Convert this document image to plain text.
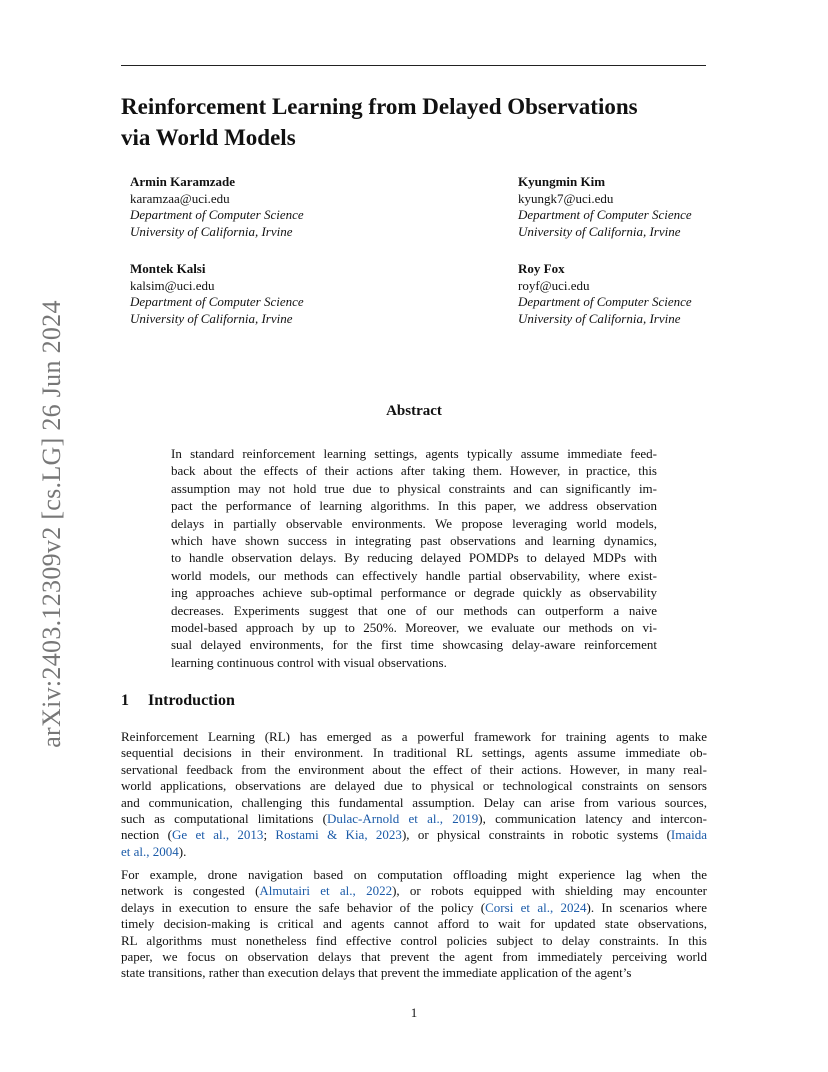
Reinforcement Learning from Delayed Observations
via World Models
arXiv:2403.12309v2 [cs.LG] 26 Jun 2024
Armin Karamzade
karamzaa@uci.edu
Department of Computer Science
University of California, Irvine
Kyungmin Kim
kyungk7@uci.edu
Department of Computer Science
University of California, Irvine
Montek Kalsi
kalsim@uci.edu
Department of Computer Science
University of California, Irvine
Roy Fox
royf@uci.edu
Department of Computer Science
University of California, Irvine
Abstract
In standard reinforcement learning settings, agents typically assume immediate feed-
back about the effects of their actions after taking them. However, in practice, this
assumption may not hold true due to physical constraints and can significantly im-
pact the performance of learning algorithms. In this paper, we address observation
delays in partially observable environments. We propose leveraging world models,
which have shown success in integrating past observations and learning dynamics,
to handle observation delays. By reducing delayed POMDPs to delayed MDPs with
world models, our methods can effectively handle partial observability, where exist-
ing approaches achieve sub-optimal performance or degrade quickly as observability
decreases. Experiments suggest that one of our methods can outperform a naive
model-based approach by up to 250%. Moreover, we evaluate our methods on vi-
sual delayed environments, for the first time showcasing delay-aware reinforcement
learning continuous control with visual observations.
1 Introduction
Reinforcement Learning (RL) has emerged as a powerful framework for training agents to make
sequential decisions in their environment. In traditional RL settings, agents assume immediate ob-
servational feedback from the environment about the effect of their actions. However, in many real-
world applications, observations are delayed due to physical or technological constraints on sensors
and communication, challenging this fundamental assumption. Delay can arise from various sources,
such as computational limitations (Dulac-Arnold et al., 2019), communication latency and intercon-
nection (Ge et al., 2013; Rostami & Kia, 2023), or physical constraints in robotic systems (Imaida
et al., 2004).
For example, drone navigation based on computation offloading might experience lag when the
network is congested (Almutairi et al., 2022), or robots equipped with shielding may encounter
delays in execution to ensure the safe behavior of the policy (Corsi et al., 2024). In scenarios where
timely decision-making is critical and agents cannot afford to wait for updated state observations,
RL algorithms must nonetheless find effective control policies subject to delay constraints. In this
paper, we focus on observation delays that prevent the agent from immediately perceiving world
state transitions, rather than execution delays that prevent the immediate application of the agent’s
1
